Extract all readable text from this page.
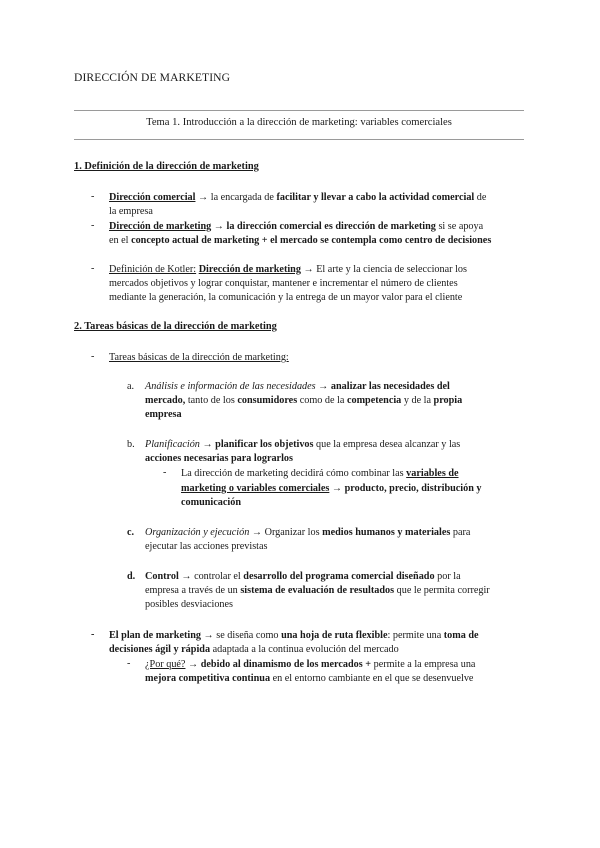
DIRECCIÓN DE MARKETING
Tema 1. Introducción a la dirección de marketing: variables comerciales
1. Definición de la dirección de marketing
- Dirección comercial → la encargada de facilitar y llevar a cabo la actividad comercial de
la empresa
- Dirección de marketing → la dirección comercial es dirección de marketing si se apoya
en el concepto actual de marketing + el mercado se contempla como centro de decisiones
- Definición de Kotler: Dirección de marketing → El arte y la ciencia de seleccionar los
mercados objetivos y lograr conquistar, mantener e incrementar el número de clientes
mediante la generación, la comunicación y la entrega de un mayor valor para el cliente
2. Tareas básicas de la dirección de marketing
- Tareas básicas de la dirección de marketing:
a. Análisis e información de las necesidades → analizar las necesidades del
mercado, tanto de los consumidores como de la competencia y de la propia
empresa
b. Planificación → planificar los objetivos que la empresa desea alcanzar y las
acciones necesarias para lograrlos
- La dirección de marketing decidirá cómo combinar las variables de
marketing o variables comerciales → producto, precio, distribución y
comunicación
c. Organización y ejecución → Organizar los medios humanos y materiales para
ejecutar las acciones previstas
d. Control → controlar el desarrollo del programa comercial diseñado por la
empresa a través de un sistema de evaluación de resultados que le permita corregir
posibles desviaciones
- El plan de marketing → se diseña como una hoja de ruta flexible: permite una toma de
decisiones ágil y rápida adaptada a la continua evolución del mercado
- ¿Por qué? → debido al dinamismo de los mercados + permite a la empresa una
mejora competitiva continua en el entorno cambiante en el que se desenvuelve
